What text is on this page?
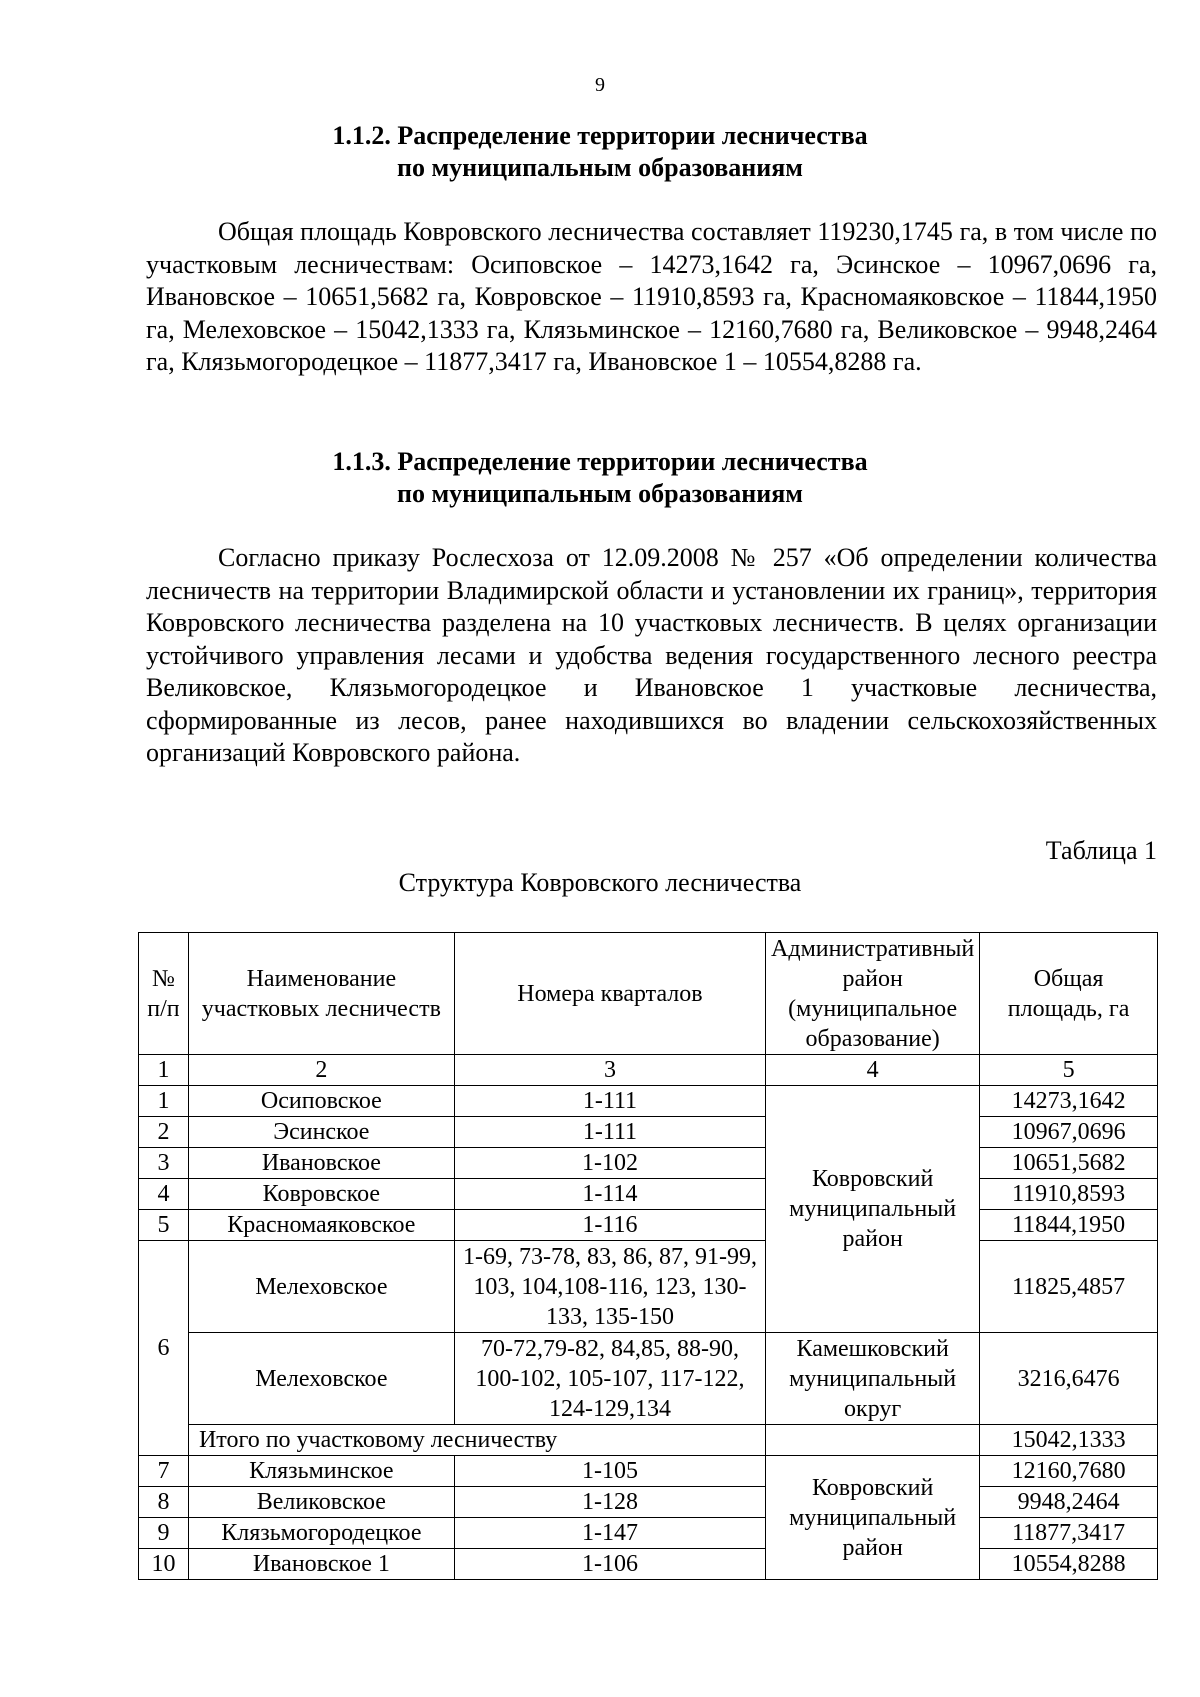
9
1.1.2. Распределение территории лесничества
по муниципальным образованиям

Общая площадь Ковровского лесничества составляет 119230,1745 га, в том числе по участковым лесничествам: Осиповское – 14273,1642 га, Эсинское – 10967,0696 га, Ивановское – 10651,5682 га, Ковровское – 11910,8593 га, Красномаяковское – 11844,1950 га, Мелеховское – 15042,1333 га, Клязьминское – 12160,7680 га, Великовское – 9948,2464 га, Клязьмогородецкое – 11877,3417 га, Ивановское 1 – 10554,8288 га.

1.1.3. Распределение территории лесничества
по муниципальным образованиям

Согласно приказу Рослесхоза от 12.09.2008 № 257 «Об определении количества лесничеств на территории Владимирской области и установлении их границ», территория Ковровского лесничества разделена на 10 участковых лесничеств. В целях организации устойчивого управления лесами и удобства ведения государственного лесного реестра Великовское, Клязьмогородецкое и Ивановское 1 участковые лесничества, сформированные из лесов, ранее находившихся во владении сельскохозяйственных организаций Ковровского района.

Таблица 1
Структура Ковровского лесничества
№ п/п	Наименование участковых лесничеств	Номера кварталов	Административный район (муниципальное образование)	Общая площадь, га
1	2	3	4	5
1	Осиповское	1-111	Ковровский муниципальный район	14273,1642
2	Эсинское	1-111		10967,0696
3	Ивановское	1-102		10651,5682
4	Ковровское	1-114		11910,8593
5	Красномаяковское	1-116		11844,1950
6	Мелеховское	1-69, 73-78, 83, 86, 87, 91-99, 103, 104,108-116, 123, 130-133, 135-150		11825,4857
	Мелеховское	70-72,79-82, 84,85, 88-90, 100-102, 105-107, 117-122, 124-129,134	Камешковский муниципальный округ	3216,6476
	Итого по участковому лесничеству			15042,1333
7	Клязьминское	1-105	Ковровский муниципальный район	12160,7680
8	Великовское	1-128		9948,2464
9	Клязьмогородецкое	1-147		11877,3417
10	Ивановское 1	1-106		10554,8288
